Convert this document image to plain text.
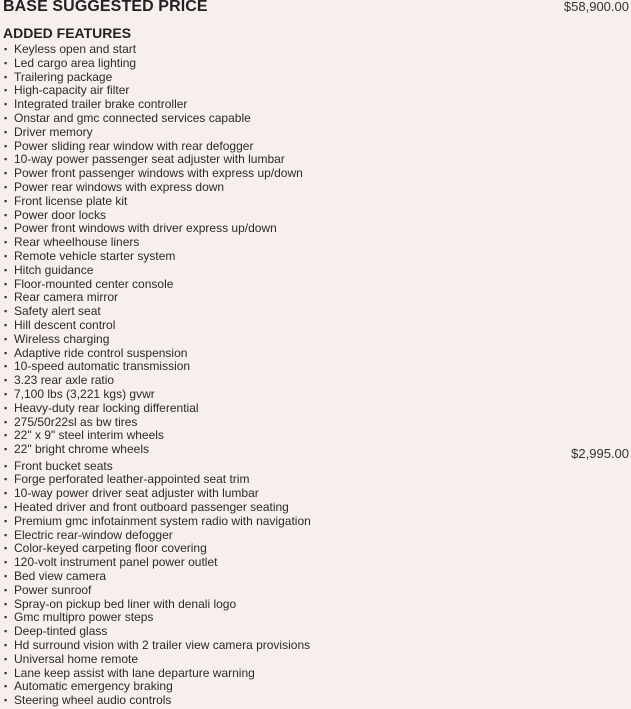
BASE SUGGESTED PRICE	$58,900.00
ADDED FEATURES
▪ Keyless open and start
▪ Led cargo area lighting
▪ Trailering package
▪ High-capacity air filter
▪ Integrated trailer brake controller
▪ Onstar and gmc connected services capable
▪ Driver memory
▪ Power sliding rear window with rear defogger
▪ 10-way power passenger seat adjuster with lumbar
▪ Power front passenger windows with express up/down
▪ Power rear windows with express down
▪ Front license plate kit
▪ Power door locks
▪ Power front windows with driver express up/down
▪ Rear wheelhouse liners
▪ Remote vehicle starter system
▪ Hitch guidance
▪ Floor-mounted center console
▪ Rear camera mirror
▪ Safety alert seat
▪ Hill descent control
▪ Wireless charging
▪ Adaptive ride control suspension
▪ 10-speed automatic transmission
▪ 3.23 rear axle ratio
▪ 7,100 lbs (3,221 kgs) gvwr
▪ Heavy-duty rear locking differential
▪ 275/50r22sl as bw tires
▪ 22" x 9" steel interim wheels
▪ 22" bright chrome wheels
▪ Front bucket seats
▪ Forge perforated leather-appointed seat trim
▪ 10-way power driver seat adjuster with lumbar
▪ Heated driver and front outboard passenger seating
▪ Premium gmc infotainment system radio with navigation
▪ Electric rear-window defogger
▪ Color-keyed carpeting floor covering
▪ 120-volt instrument panel power outlet
▪ Bed view camera
▪ Power sunroof
▪ Spray-on pickup bed liner with denali logo
▪ Gmc multipro power steps
▪ Deep-tinted glass
▪ Hd surround vision with 2 trailer view camera provisions
▪ Universal home remote
▪ Lane keep assist with lane departure warning
▪ Automatic emergency braking
▪ Steering wheel audio controls
$2,995.00
